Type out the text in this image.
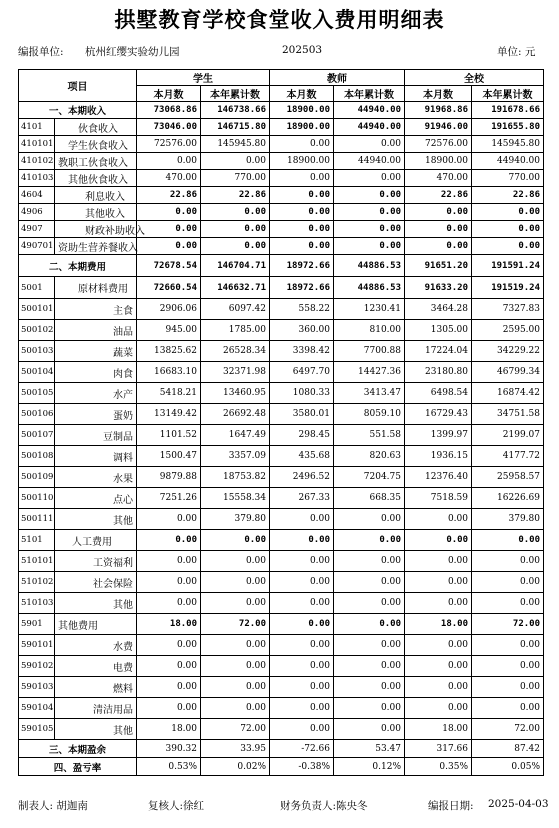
拱墅教育学校食堂收入费用明细表
编报单位: 杭州红缨实验幼儿园	202503	单位: 元
项目		学生		教师		全校	
		本月数	本年累计数	本月数	本年累计数	本月数	本年累计数
一、本期收入		73068.86	146738.66	18900.00	44940.00	91968.86	191678.66
4101	伙食收入	73046.00	146715.80	18900.00	44940.00	91946.00	191655.80
410101	学生伙食收入	72576.00	145945.80	0.00	0.00	72576.00	145945.80
410102	教职工伙食收入	0.00	0.00	18900.00	44940.00	18900.00	44940.00
410103	其他伙食收入	470.00	770.00	0.00	0.00	470.00	770.00
4604	利息收入	22.86	22.86	0.00	0.00	22.86	22.86
4906	其他收入	0.00	0.00	0.00	0.00	0.00	0.00
4907	财政补助收入	0.00	0.00	0.00	0.00	0.00	0.00
490701	资助生营养餐收入	0.00	0.00	0.00	0.00	0.00	0.00
二、本期费用		72678.54	146704.71	18972.66	44886.53	91651.20	191591.24
5001	原材料费用	72660.54	146632.71	18972.66	44886.53	91633.20	191519.24
500101	主食	2906.06	6097.42	558.22	1230.41	3464.28	7327.83
500102	油品	945.00	1785.00	360.00	810.00	1305.00	2595.00
500103	蔬菜	13825.62	26528.34	3398.42	7700.88	17224.04	34229.22
500104	肉食	16683.10	32371.98	6497.70	14427.36	23180.80	46799.34
500105	水产	5418.21	13460.95	1080.33	3413.47	6498.54	16874.42
500106	蛋奶	13149.42	26692.48	3580.01	8059.10	16729.43	34751.58
500107	豆制品	1101.52	1647.49	298.45	551.58	1399.97	2199.07
500108	调料	1500.47	3357.09	435.68	820.63	1936.15	4177.72
500109	水果	9879.88	18753.82	2496.52	7204.75	12376.40	25958.57
500110	点心	7251.26	15558.34	267.33	668.35	7518.59	16226.69
500111	其他	0.00	379.80	0.00	0.00	0.00	379.80
5101	人工费用	0.00	0.00	0.00	0.00	0.00	0.00
510101	工资福利	0.00	0.00	0.00	0.00	0.00	0.00
510102	社会保险	0.00	0.00	0.00	0.00	0.00	0.00
510103	其他	0.00	0.00	0.00	0.00	0.00	0.00
5901	其他费用	18.00	72.00	0.00	0.00	18.00	72.00
590101	水费	0.00	0.00	0.00	0.00	0.00	0.00
590102	电费	0.00	0.00	0.00	0.00	0.00	0.00
590103	燃料	0.00	0.00	0.00	0.00	0.00	0.00
590104	清洁用品	0.00	0.00	0.00	0.00	0.00	0.00
590105	其他	18.00	72.00	0.00	0.00	18.00	72.00
三、本期盈余		390.32	33.95	-72.66	53.47	317.66	87.42
四、盈亏率		0.53%	0.02%	-0.38%	0.12%	0.35%	0.05%
制表人: 胡迦南	复核人:徐红	财务负责人:陈央冬	编报日期: 2025-04-03
